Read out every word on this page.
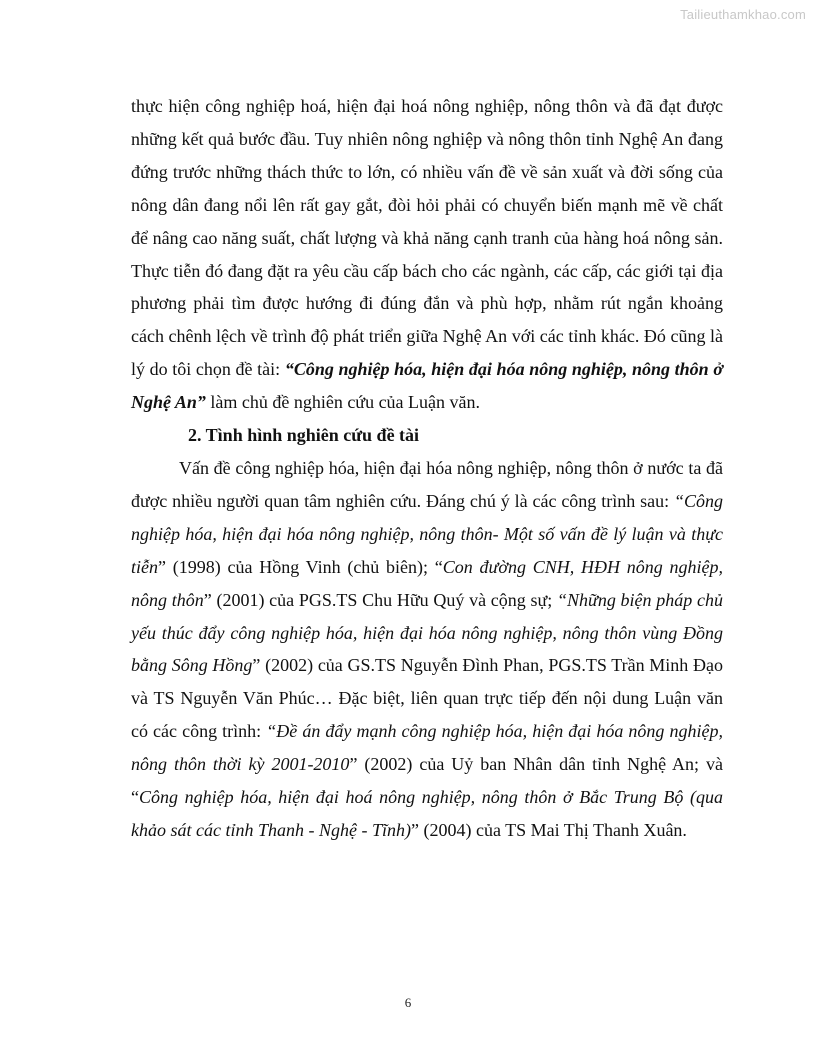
Tailieuthamkhao.com

thực hiện công nghiệp hoá, hiện đại hoá nông nghiệp, nông thôn và đã đạt được những kết quả bước đầu. Tuy nhiên nông nghiệp và nông thôn tỉnh Nghệ An đang đứng trước những thách thức to lớn, có nhiều vấn đề về sản xuất và đời sống của nông dân đang nổi lên rất gay gắt, đòi hỏi phải có chuyển biến mạnh mẽ về chất để nâng cao năng suất, chất lượng và khả năng cạnh tranh của hàng hoá nông sản. Thực tiễn đó đang đặt ra yêu cầu cấp bách cho các ngành, các cấp, các giới tại địa phương phải tìm được hướng đi đúng đắn và phù hợp, nhằm rút ngắn khoảng cách chênh lệch về trình độ phát triển giữa Nghệ An với các tỉnh khác. Đó cũng là lý do tôi chọn đề tài: “Công nghiệp hóa, hiện đại hóa nông nghiệp, nông thôn ở Nghệ An” làm chủ đề nghiên cứu của Luận văn.

2. Tình hình nghiên cứu đề tài

Vấn đề công nghiệp hóa, hiện đại hóa nông nghiệp, nông thôn ở nước ta đã được nhiều người quan tâm nghiên cứu. Đáng chú ý là các công trình sau: “Công nghiệp hóa, hiện đại hóa nông nghiệp, nông thôn- Một số vấn đề lý luận và thực tiễn” (1998) của Hồng Vinh (chủ biên); “Con đường CNH, HĐH nông nghiệp, nông thôn” (2001) của PGS.TS Chu Hữu Quý và cộng sự; “Những biện pháp chủ yếu thúc đẩy công nghiệp hóa, hiện đại hóa nông nghiệp, nông thôn vùng Đồng bằng Sông Hồng” (2002) của GS.TS Nguyễn Đình Phan, PGS.TS Trần Minh Đạo và TS Nguyễn Văn Phúc… Đặc biệt, liên quan trực tiếp đến nội dung Luận văn có các công trình: “Đề án đẩy mạnh công nghiệp hóa, hiện đại hóa nông nghiệp, nông thôn thời kỳ 2001-2010” (2002) của Uỷ ban Nhân dân tỉnh Nghệ An; và “Công nghiệp hóa, hiện đại hoá nông nghiệp, nông thôn ở Bắc Trung Bộ (qua khảo sát các tỉnh Thanh - Nghệ - Tĩnh)” (2004) của TS Mai Thị Thanh Xuân.

6
